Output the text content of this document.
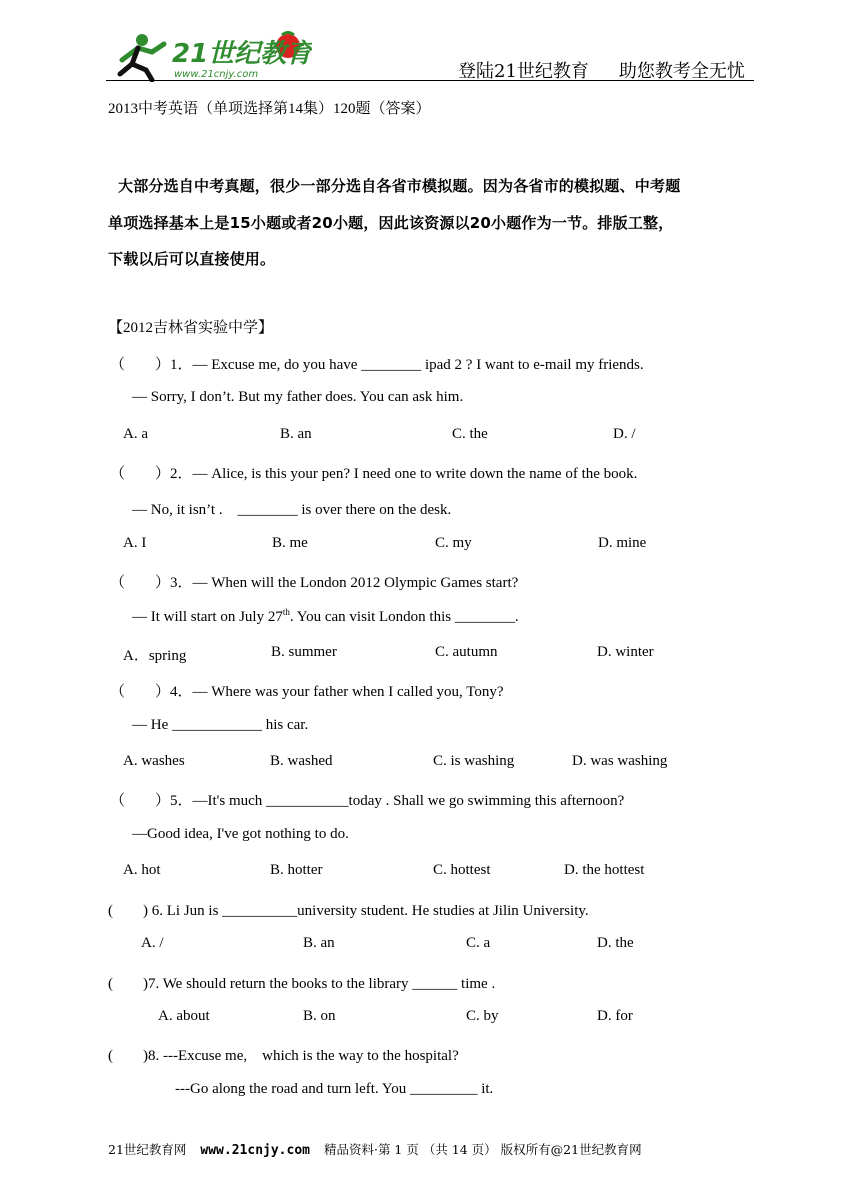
21世纪教育
www.21cnjy.com	登陆21世纪教育 助您教考全无忧
2013中考英语（单项选择第14集）120题（答案）
大部分选自中考真题，很少一部分选自各省市模拟题。因为各省市的模拟题、中考题
单项选择基本上是15小题或者20小题，因此该资源以20小题作为一节。排版工整，
下载以后可以直接使用。
【2012吉林省实验中学】
（　　）1．— Excuse me, do you have ________ ipad 2 ? I want to e-mail my friends.
— Sorry, I don’t. But my father does. You can ask him.
A. a	B. an	C. the	D. /
（　　）2．— Alice, is this your pen? I need one to write down the name of the book.
— No, it isn’t .　________ is over there on the desk.
A. I	B. me	C. my	D. mine
（　　）3．— When will the London 2012 Olympic Games start?
— It will start on July 27th. You can visit London this ________.
A．spring	B. summer	C. autumn	D. winter
（　　）4．— Where was your father when I called you, Tony?
— He ____________ his car.
A. washes	B. washed	C. is washing	D. was washing
（　　）5．—It's much ___________today . Shall we go swimming this afternoon?
—Good idea, I've got nothing to do.
A. hot	B. hotter	C. hottest	D. the hottest
(　　) 6. Li Jun is __________university student. He studies at Jilin University.
A. /	B. an	C. a	D. the
(　　)7. We should return the books to the library ______ time .
A. about	B. on	C. by	D. for
(　　)8. ---Excuse me,　which is the way to the hospital?
---Go along the road and turn left. You _________ it.
21世纪教育网 www.21cnjy.com 精品资料·第 1 页 （共 14 页） 版权所有@21世纪教育网
